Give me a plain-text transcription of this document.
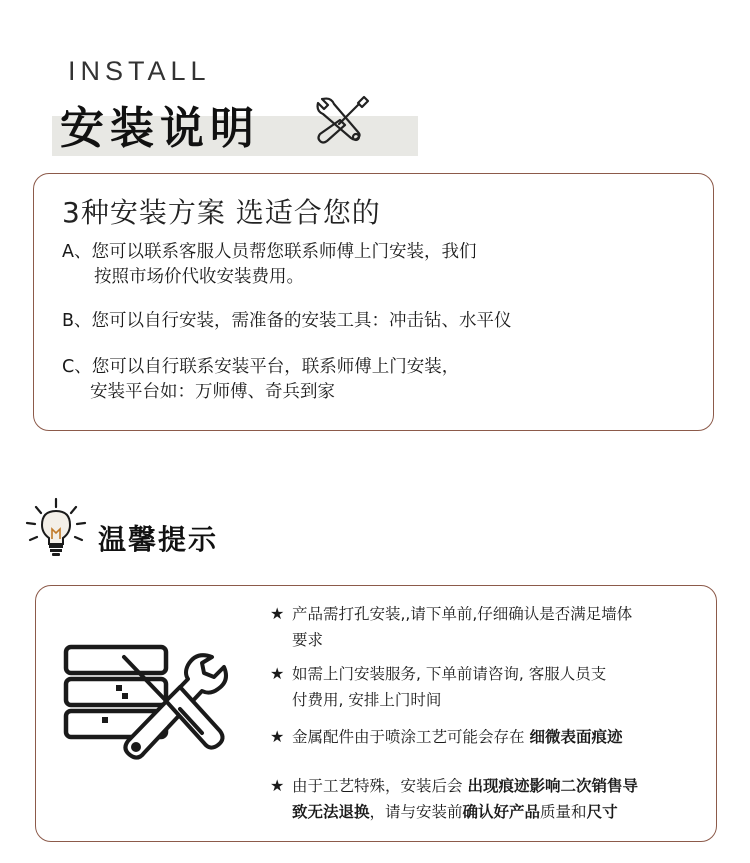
INSTALL
安装说明
3种安装方案 选适合您的
A、您可以联系客服人员帮您联系师傅上门安装，我们
按照市场价代收安装费用。
B、您可以自行安装，需准备的安装工具：冲击钻、水平仪
C、您可以自行联系安装平台，联系师傅上门安装，
安装平台如：万师傅、奇兵到家
温馨提示
★ 产品需打孔安装,,请下单前,仔细确认是否满足墙体
要求
★ 如需上门安装服务, 下单前请咨询, 客服人员支
付费用, 安排上门时间
★ 金属配件由于喷涂工艺可能会存在 细微表面痕迹
★ 由于工艺特殊，安装后会 出现痕迹影响二次销售导
致无法退换，请与安装前确认好产品质量和尺寸
